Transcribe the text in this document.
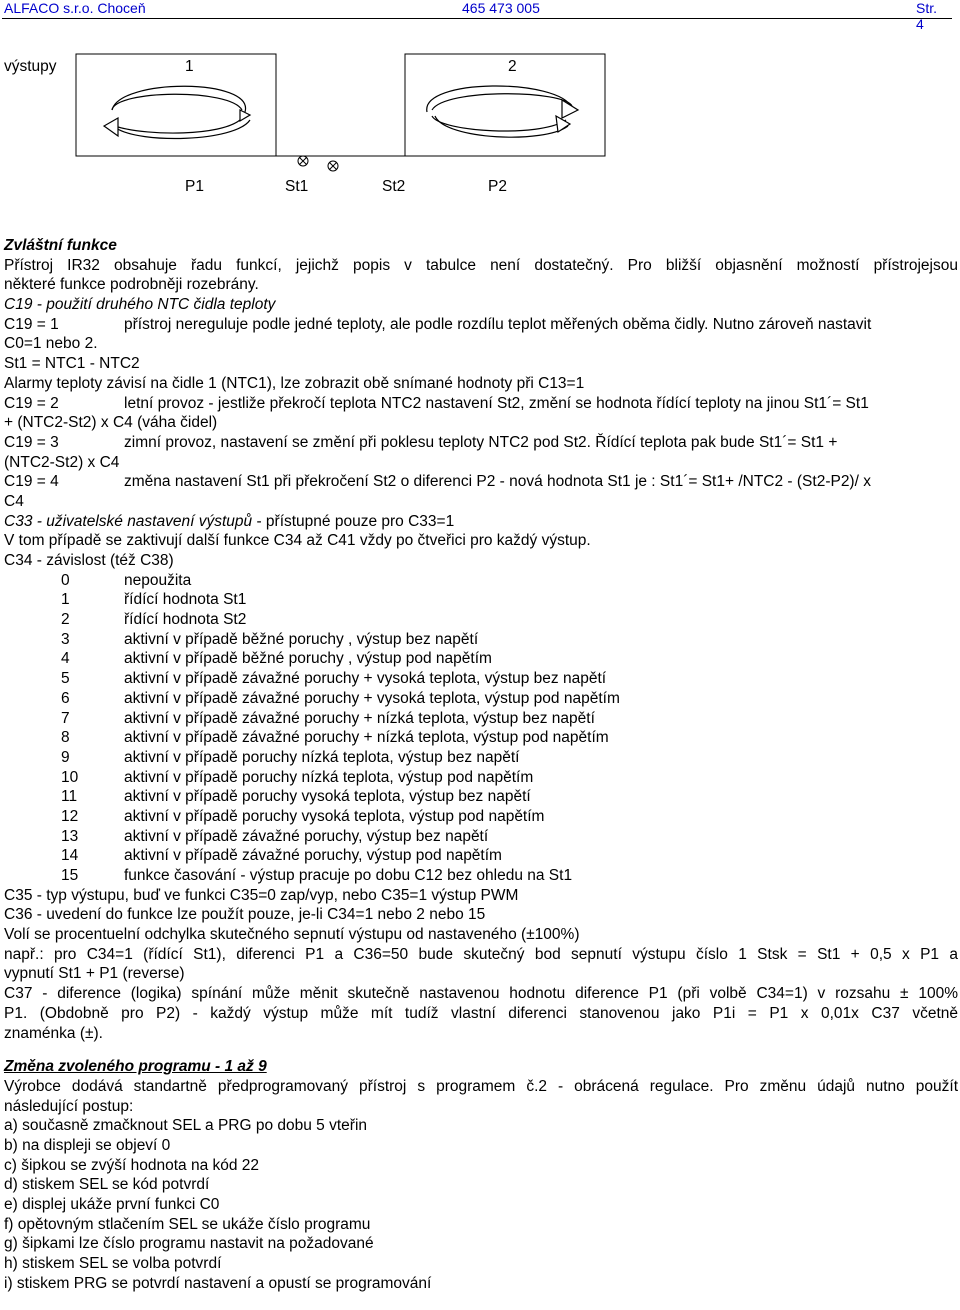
ALFACO s.r.o. Choceň	465 473 005	Str. 4
výstupy	1	2
P1	St1	St2	P2
Zvláštní funkce
Přístroj IR32 obsahuje řadu funkcí, jejichž popis v tabulce není dostatečný. Pro bližší objasnění možností přístrojejsou
některé funkce podrobněji rozebrány.
C19 - použití druhého NTC čidla teploty
C19 = 1	přístroj nereguluje podle jedné teploty, ale podle rozdílu teplot měřených oběma čidly. Nutno zároveň nastavit
C0=1 nebo 2.
St1 = NTC1 - NTC2
Alarmy teploty závisí na čidle 1 (NTC1), lze zobrazit obě snímané hodnoty při C13=1
C19 = 2	letní provoz - jestliže překročí teplota NTC2 nastavení St2, změní se hodnota řídící teploty na jinou St1´= St1
+ (NTC2-St2) x C4 (váha čidel)
C19 = 3	zimní provoz, nastavení se změní při poklesu teploty NTC2 pod St2. Řídící teplota pak bude St1´= St1 +
(NTC2-St2) x C4
C19 = 4	změna nastavení St1 při překročení St2 o diferenci P2 - nová hodnota St1 je : St1´= St1+ /NTC2 - (St2-P2)/ x
C4
C33 - uživatelské nastavení výstupů - přístupné pouze pro C33=1
V tom případě se zaktivují další funkce C34 až C41 vždy po čtveřici pro každý výstup.
C34 - závislost (též C38)
0	nepoužita
1	řídící hodnota St1
2	řídící hodnota St2
3	aktivní v případě běžné poruchy , výstup bez napětí
4	aktivní v případě běžné poruchy , výstup pod napětím
5	aktivní v případě závažné poruchy + vysoká teplota, výstup bez napětí
6	aktivní v případě závažné poruchy + vysoká teplota, výstup pod napětím
7	aktivní v případě závažné poruchy + nízká teplota, výstup bez napětí
8	aktivní v případě závažné poruchy + nízká teplota, výstup pod napětím
9	aktivní v případě poruchy nízká teplota, výstup bez napětí
10	aktivní v případě poruchy nízká teplota, výstup pod napětím
11	aktivní v případě poruchy vysoká teplota, výstup bez napětí
12	aktivní v případě poruchy vysoká teplota, výstup pod napětím
13	aktivní v případě závažné poruchy, výstup bez napětí
14	aktivní v případě závažné poruchy, výstup pod napětím
15	funkce časování - výstup pracuje po dobu C12 bez ohledu na St1
C35 - typ výstupu, buď ve funkci C35=0 zap/vyp, nebo C35=1 výstup PWM
C36 - uvedení do funkce lze použít pouze, je-li C34=1 nebo 2 nebo 15
Volí se procentuelní odchylka skutečného sepnutí výstupu od nastaveného (±100%)
např.: pro C34=1 (řídící St1), diferenci P1 a C36=50 bude skutečný bod sepnutí výstupu číslo 1 Stsk = St1 + 0,5 x P1 a
vypnutí St1 + P1 (reverse)
C37 - diference (logika) spínání může měnit skutečně nastavenou hodnotu diference P1 (při volbě C34=1) v rozsahu ± 100%
P1. (Obdobně pro P2) - každý výstup může mít tudíž vlastní diferenci stanovenou jako P1i = P1 x 0,01x C37 včetně
znaménka (±).
Změna zvoleného programu - 1 až 9
Výrobce dodává standartně předprogramovaný přístroj s programem č.2 - obrácená regulace. Pro změnu údajů nutno použít
následující postup:
a) současně zmačknout SEL a PRG po dobu 5 vteřin
b) na displeji se objeví 0
c) šipkou se zvýší hodnota na kód 22
d) stiskem SEL se kód potvrdí
e) displej ukáže první funkci C0
f) opětovným stlačením SEL se ukáže číslo programu
g) šipkami lze číslo programu nastavit na požadované
h) stiskem SEL se volba potvrdí
i) stiskem PRG se potvrdí nastavení a opustí se programování
